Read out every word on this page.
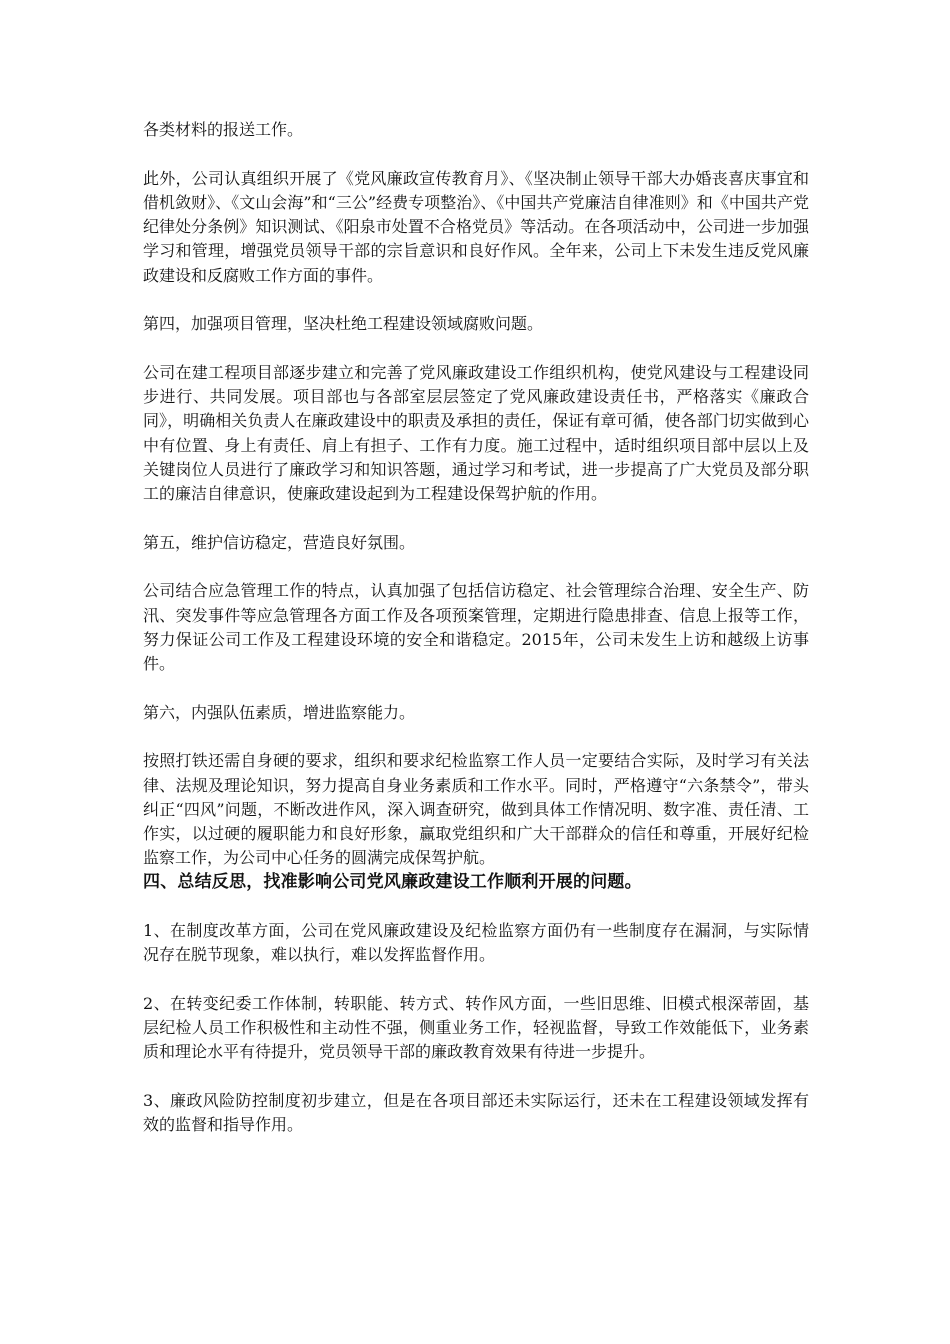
各类材料的报送工作。

此外，公司认真组织开展了《党风廉政宣传教育月》、《坚决制止领导干部大办婚丧喜庆事宜和借机敛财》、《文山会海”和“三公”经费专项整治》、《中国共产党廉洁自律准则》和《中国共产党纪律处分条例》知识测试、《阳泉市处置不合格党员》等活动。在各项活动中，公司进一步加强学习和管理，增强党员领导干部的宗旨意识和良好作风。全年来，公司上下未发生违反党风廉政建设和反腐败工作方面的事件。

第四，加强项目管理，坚决杜绝工程建设领域腐败问题。

公司在建工程项目部逐步建立和完善了党风廉政建设工作组织机构，使党风建设与工程建设同步进行、共同发展。项目部也与各部室层层签定了党风廉政建设责任书，严格落实《廉政合同》，明确相关负责人在廉政建设中的职责及承担的责任，保证有章可循，使各部门切实做到心中有位置、身上有责任、肩上有担子、工作有力度。施工过程中，适时组织项目部中层以上及关键岗位人员进行了廉政学习和知识答题，通过学习和考试，进一步提高了广大党员及部分职工的廉洁自律意识，使廉政建设起到为工程建设保驾护航的作用。

第五，维护信访稳定，营造良好氛围。

公司结合应急管理工作的特点，认真加强了包括信访稳定、社会管理综合治理、安全生产、防汛、突发事件等应急管理各方面工作及各项预案管理，定期进行隐患排查、信息上报等工作，努力保证公司工作及工程建设环境的安全和谐稳定。2015年，公司未发生上访和越级上访事件。

第六，内强队伍素质，增进监察能力。

按照打铁还需自身硬的要求，组织和要求纪检监察工作人员一定要结合实际，及时学习有关法律、法规及理论知识，努力提高自身业务素质和工作水平。同时，严格遵守“六条禁令”，带头纠正“四风”问题，不断改进作风，深入调查研究，做到具体工作情况明、数字准、责任清、工作实，以过硬的履职能力和良好形象，赢取党组织和广大干部群众的信任和尊重，开展好纪检监察工作，为公司中心任务的圆满完成保驾护航。

四、总结反思，找准影响公司党风廉政建设工作顺利开展的问题。

1、在制度改革方面，公司在党风廉政建设及纪检监察方面仍有一些制度存在漏洞，与实际情况存在脱节现象，难以执行，难以发挥监督作用。

2、在转变纪委工作体制，转职能、转方式、转作风方面，一些旧思维、旧模式根深蒂固，基层纪检人员工作积极性和主动性不强，侧重业务工作，轻视监督，导致工作效能低下，业务素质和理论水平有待提升，党员领导干部的廉政教育效果有待进一步提升。

3、廉政风险防控制度初步建立，但是在各项目部还未实际运行，还未在工程建设领域发挥有效的监督和指导作用。
